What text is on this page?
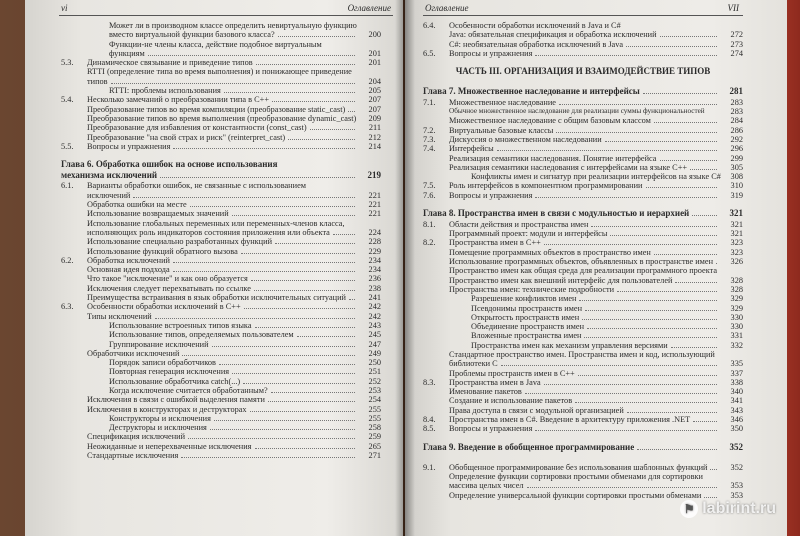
vi	Оглавление
Может ли в производном классе определить невиртуальную функцию
вместо виртуальной функции базового класса?	200
Функции-не члены класса, действие подобное виртуальным
функциям	201
5.3.	Динамическое связывание и приведение типов	201
RTTI (определение типа во время выполнения) и понижающее приведение
типов	204
RTTI: проблемы использования	205
5.4.	Несколько замечаний о преобразовании типа в C++	207
Преобразование типов во время компиляции (преобразование static_cast)	207
Преобразование типов во время выполнения (преобразование dynamic_cast)	209
Преобразование для избавления от константности (const_cast)	211
Преобразование "на свой страх и риск" (reinterpret_cast)	212
5.5.	Вопросы и упражнения	214
Глава 6. Обработка ошибок на основе использования
механизма исключений	219
6.1.	Варианты обработки ошибок, не связанные с использованием
исключений	221
Обработка ошибки на месте	221
Использование возвращаемых значений	221
Использование глобальных переменных или переменных-членов класса,
исполняющих роль индикаторов состояния приложения или объекта	224
Использование специально разработанных функций	228
Использование функций обратного вызова	229
6.2.	Обработка исключений	234
Основная идея подхода	234
Что такое "исключение" и как оно образуется	236
Исключения следует перехватывать по ссылке	238
Преимущества встраивания в язык обработки исключительных ситуаций	241
6.3.	Особенности обработки исключений в C++	242
Типы исключений	242
Использование встроенных типов языка	243
Использование типов, определяемых пользователем	245
Группирование исключений	247
Обработчики исключений	249
Порядок записи обработчиков	250
Повторная генерация исключения	251
Использование обработчика catch(...)	252
Когда исключение считается обработанным?	253
Исключения в связи с ошибкой выделения памяти	254
Исключения в конструкторах и деструкторах	255
Конструкторы и исключения	255
Деструкторы и исключения	258
Спецификация исключений	259
Неожиданные и неперехваченные исключения	265
Стандартные исключения	271
Оглавление	VII
6.4.	Особенности обработки исключений в Java и C#
Java: обязательная спецификация и обработка исключений	272
C#: необязательная обработка исключений в Java	273
6.5.	Вопросы и упражнения	274
ЧАСТЬ III. ОРГАНИЗАЦИЯ И ВЗАИМОДЕЙСТВИЕ ТИПОВ
Глава 7. Множественное наследование и интерфейсы	281
7.1.	Множественное наследование	283
Обычное множественное наследование для реализации суммы функциональностей	283
Множественное наследование с общим базовым классом	284
7.2.	Виртуальные базовые классы	286
7.3.	Дискуссия о множественном наследовании	292
7.4.	Интерфейсы	296
Реализация семантики наследования. Понятие интерфейса	299
Реализация семантики наследования с интерфейсами на языке C++	305
Конфликты имен и сигнатур при реализации интерфейсов на языке C#	308
7.5.	Роль интерфейсов в компонентном программировании	310
7.6.	Вопросы и упражнения	319
Глава 8. Пространства имен в связи с модульностью и иерархией	321
8.1.	Области действия и пространства имен	321
Программный проект: модули и интерфейсы	321
8.2.	Пространства имен в C++	323
Помещение программных объектов в пространство имен	323
Использование программных объектов, объявленных в пространстве имен	326
Пространство имен как общая среда для реализации программного проекта
Пространство имен как внешний интерфейс для пользователей	328
Пространства имен: технические подробности	328
Разрешение конфликтов имен	329
Псевдонимы пространств имен	329
Открытость пространств имен	330
Объединение пространств имен	330
Вложенные пространства имен	331
Пространства имен как механизм управления версиями	332
Стандартное пространство имен. Пространства имен и код, использующий
библиотеки C	335
Проблемы пространств имен в C++	337
8.3.	Пространства имен в Java	338
Именование пакетов	340
Создание и использование пакетов	341
Права доступа в связи с модульной организацией	343
8.4.	Пространства имен в C#. Введение в архитектуру приложения .NET	346
8.5.	Вопросы и упражнения	350
Глава 9. Введение в обобщенное программирование	352
9.1.	Обобщенное программирование без использования шаблонных функций	352
Определение функции сортировки простыми обменами для сортировки
массива целых чисел	353
Определение универсальной функции сортировки простыми обменами	353
⚑ labirint.ru
